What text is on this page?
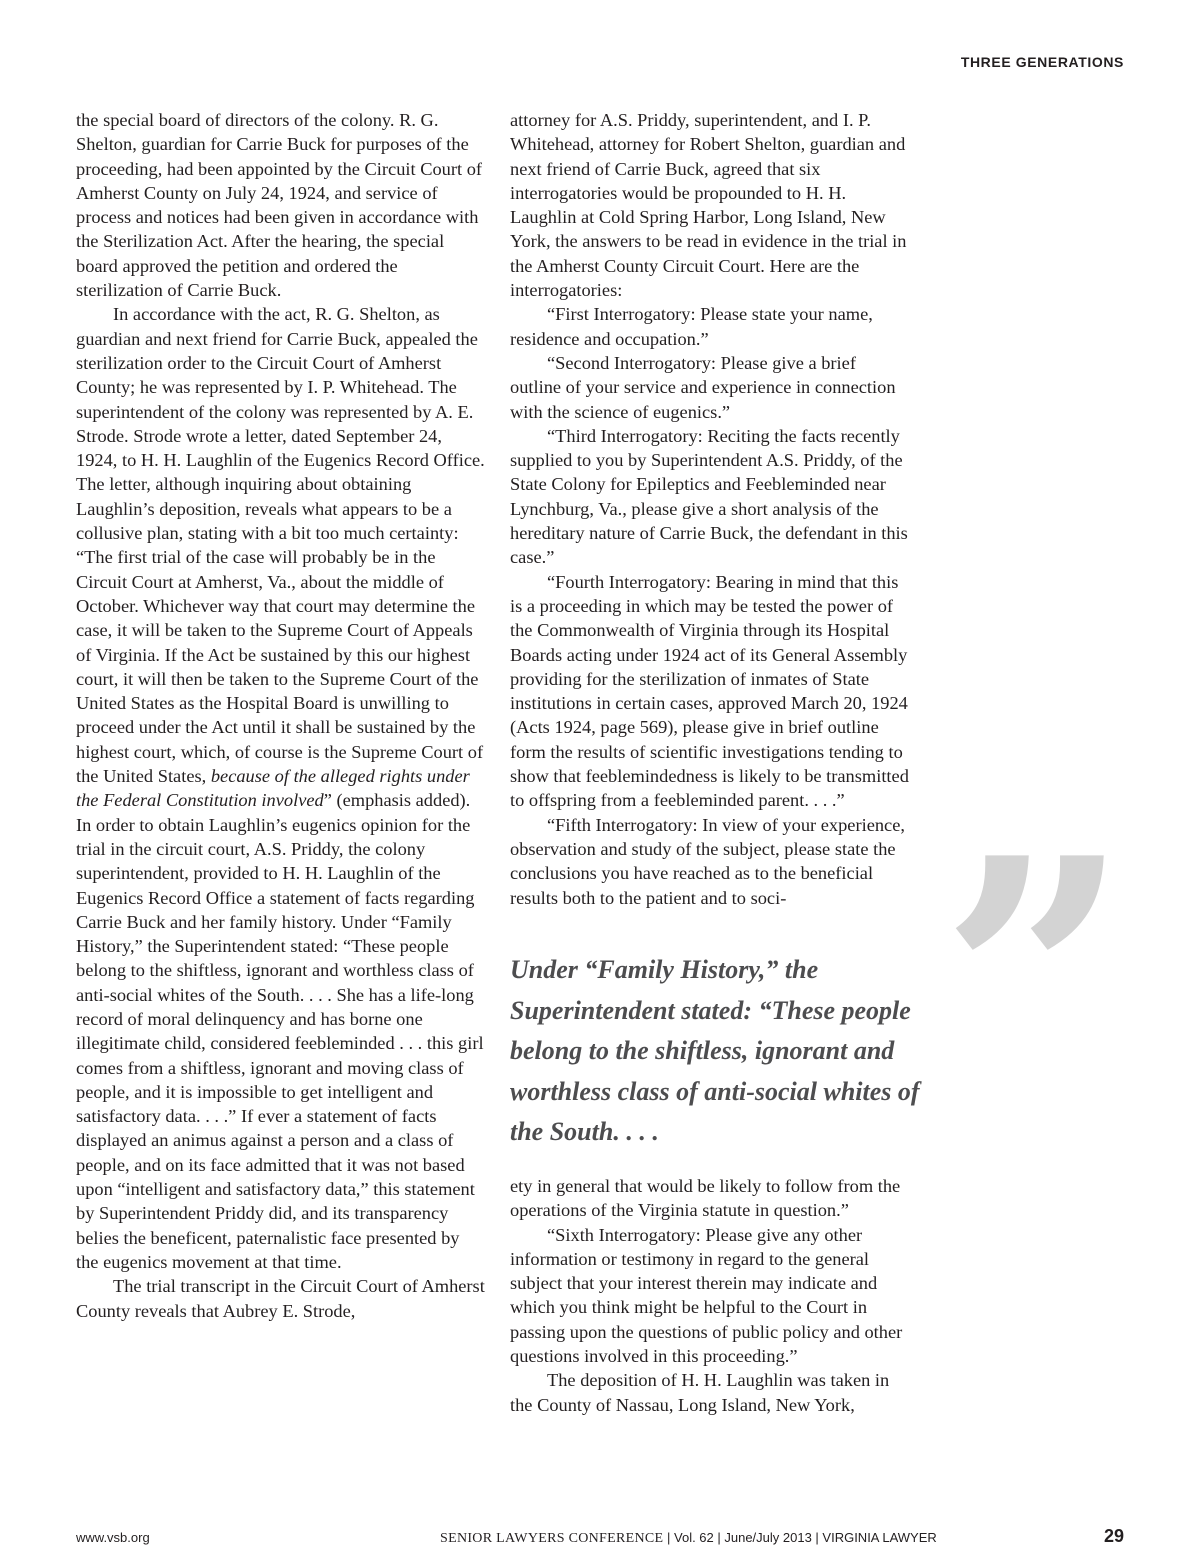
THREE GENERATIONS

the special board of directors of the colony. R. G. Shelton, guardian for Carrie Buck for purposes of the proceeding, had been appointed by the Circuit Court of Amherst County on July 24, 1924, and service of process and notices had been given in accordance with the Sterilization Act. After the hearing, the special board approved the petition and ordered the sterilization of Carrie Buck.

In accordance with the act, R. G. Shelton, as guardian and next friend for Carrie Buck, appealed the sterilization order to the Circuit Court of Amherst County; he was represented by I. P. Whitehead. The superintendent of the colony was represented by A. E. Strode. Strode wrote a letter, dated September 24, 1924, to H. H. Laughlin of the Eugenics Record Office. The letter, although inquiring about obtaining Laughlin’s deposition, reveals what appears to be a collusive plan, stating with a bit too much certainty: “The first trial of the case will probably be in the Circuit Court at Amherst, Va., about the middle of October. Whichever way that court may determine the case, it will be taken to the Supreme Court of Appeals of Virginia. If the Act be sustained by this our highest court, it will then be taken to the Supreme Court of the United States as the Hospital Board is unwilling to proceed under the Act until it shall be sustained by the highest court, which, of course is the Supreme Court of the United States, because of the alleged rights under the Federal Constitution involved” (emphasis added). In order to obtain Laughlin’s eugenics opinion for the trial in the circuit court, A.S. Priddy, the colony superintendent, provided to H. H. Laughlin of the Eugenics Record Office a statement of facts regarding Carrie Buck and her family history. Under “Family History,” the Superintendent stated: “These people belong to the shiftless, ignorant and worthless class of anti-social whites of the South. . . . She has a life-long record of moral delinquency and has borne one illegitimate child, considered feebleminded . . . this girl comes from a shiftless, ignorant and moving class of people, and it is impossible to get intelligent and satisfactory data. . . .” If ever a statement of facts displayed an animus against a person and a class of people, and on its face admitted that it was not based upon “intelligent and satisfactory data,” this statement by Superintendent Priddy did, and its transparency belies the beneficent, paternalistic face presented by the eugenics movement at that time.

The trial transcript in the Circuit Court of Amherst County reveals that Aubrey E. Strode,

attorney for A.S. Priddy, superintendent, and I. P. Whitehead, attorney for Robert Shelton, guardian and next friend of Carrie Buck, agreed that six interrogatories would be propounded to H. H. Laughlin at Cold Spring Harbor, Long Island, New York, the answers to be read in evidence in the trial in the Amherst County Circuit Court. Here are the interrogatories:

“First Interrogatory: Please state your name, residence and occupation.”

“Second Interrogatory: Please give a brief outline of your service and experience in connection with the science of eugenics.”

“Third Interrogatory: Reciting the facts recently supplied to you by Superintendent A.S. Priddy, of the State Colony for Epileptics and Feebleminded near Lynchburg, Va., please give a short analysis of the hereditary nature of Carrie Buck, the defendant in this case.”

“Fourth Interrogatory: Bearing in mind that this is a proceeding in which may be tested the power of the Commonwealth of Virginia through its Hospital Boards acting under 1924 act of its General Assembly providing for the sterilization of inmates of State institutions in certain cases, approved March 20, 1924 (Acts 1924, page 569), please give in brief outline form the results of scientific investigations tending to show that feeblemindedness is likely to be transmitted to offspring from a feebleminded parent. . . .”

“Fifth Interrogatory: In view of your experience, observation and study of the subject, please state the conclusions you have reached as to the beneficial results both to the patient and to soci- ”
Under “Family History,” the Superintendent stated: “These people belong to the shiftless, ignorant and worthless class of anti-social whites of the South. . . .

ety in general that would be likely to follow from the operations of the Virginia statute in question.”

“Sixth Interrogatory: Please give any other information or testimony in regard to the general subject that your interest therein may indicate and which you think might be helpful to the Court in passing upon the questions of public policy and other questions involved in this proceeding.”

The deposition of H. H. Laughlin was taken in the County of Nassau, Long Island, New York,

www.vsb.org	SENIOR LAWYERS CONFERENCE | Vol. 62 | June/July 2013 | VIRGINIA LAWYER	29
